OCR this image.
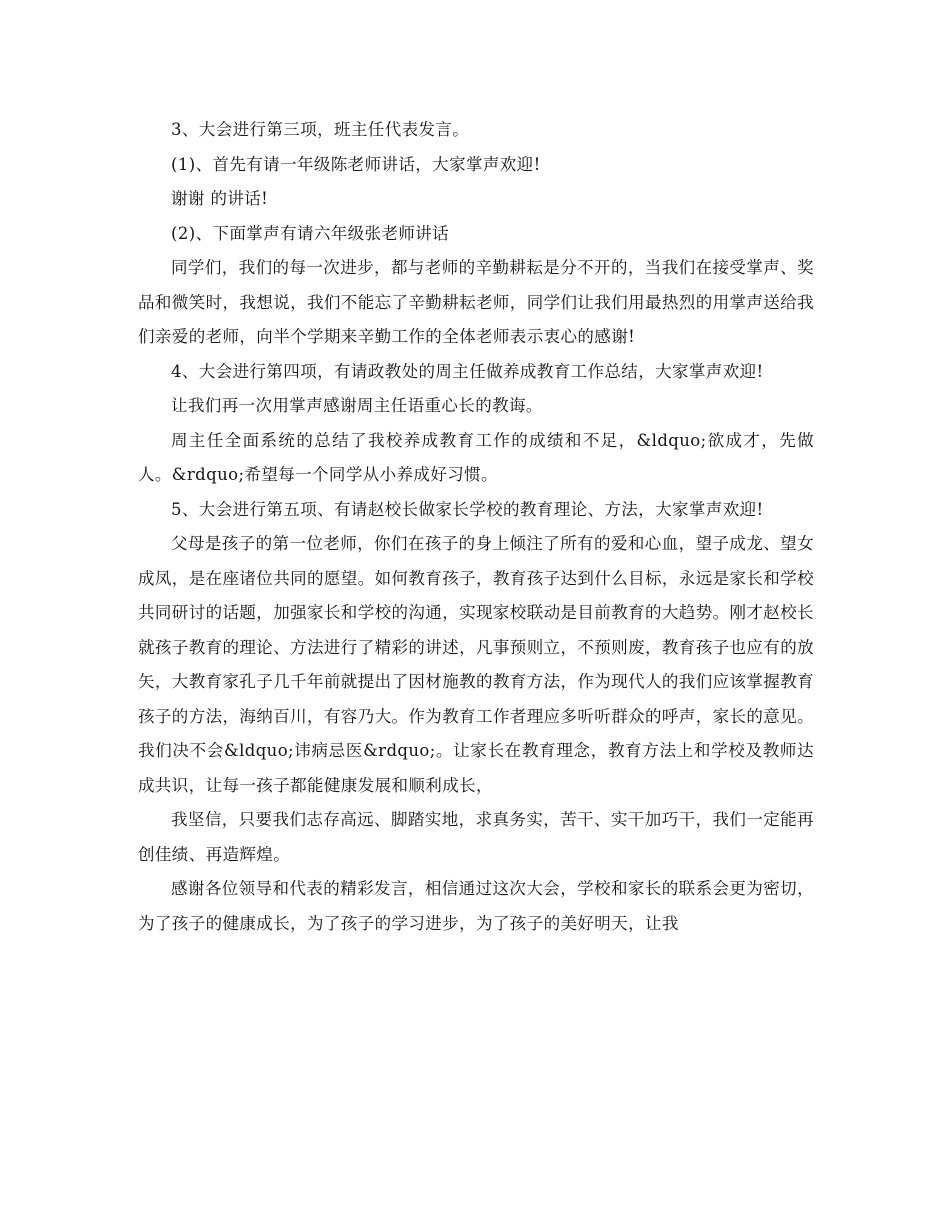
3、大会进行第三项，班主任代表发言。

(1)、首先有请一年级陈老师讲话，大家掌声欢迎!

谢谢 的讲话!

(2)、下面掌声有请六年级张老师讲话

同学们，我们的每一次进步，都与老师的辛勤耕耘是分不开的，当我们在接受掌声、奖品和微笑时，我想说，我们不能忘了辛勤耕耘老师，同学们让我们用最热烈的用掌声送给我们亲爱的老师，向半个学期来辛勤工作的全体老师表示衷心的感谢!

4、大会进行第四项，有请政教处的周主任做养成教育工作总结，大家掌声欢迎!

让我们再一次用掌声感谢周主任语重心长的教诲。

周主任全面系统的总结了我校养成教育工作的成绩和不足，&ldquo;欲成才，先做人。&rdquo;希望每一个同学从小养成好习惯。

5、大会进行第五项、有请赵校长做家长学校的教育理论、方法，大家掌声欢迎!

父母是孩子的第一位老师，你们在孩子的身上倾注了所有的爱和心血，望子成龙、望女成凤，是在座诸位共同的愿望。如何教育孩子，教育孩子达到什么目标，永远是家长和学校共同研讨的话题，加强家长和学校的沟通，实现家校联动是目前教育的大趋势。刚才赵校长就孩子教育的理论、方法进行了精彩的讲述，凡事预则立，不预则废，教育孩子也应有的放矢，大教育家孔子几千年前就提出了因材施教的教育方法，作为现代人的我们应该掌握教育孩子的方法，海纳百川，有容乃大。作为教育工作者理应多听听群众的呼声，家长的意见。我们决不会&ldquo;讳病忌医&rdquo;。让家长在教育理念，教育方法上和学校及教师达成共识，让每一孩子都能健康发展和顺利成长，

我坚信，只要我们志存高远、脚踏实地，求真务实，苦干、实干加巧干，我们一定能再创佳绩、再造辉煌。

感谢各位领导和代表的精彩发言，相信通过这次大会，学校和家长的联系会更为密切，为了孩子的健康成长，为了孩子的学习进步，为了孩子的美好明天，让我
